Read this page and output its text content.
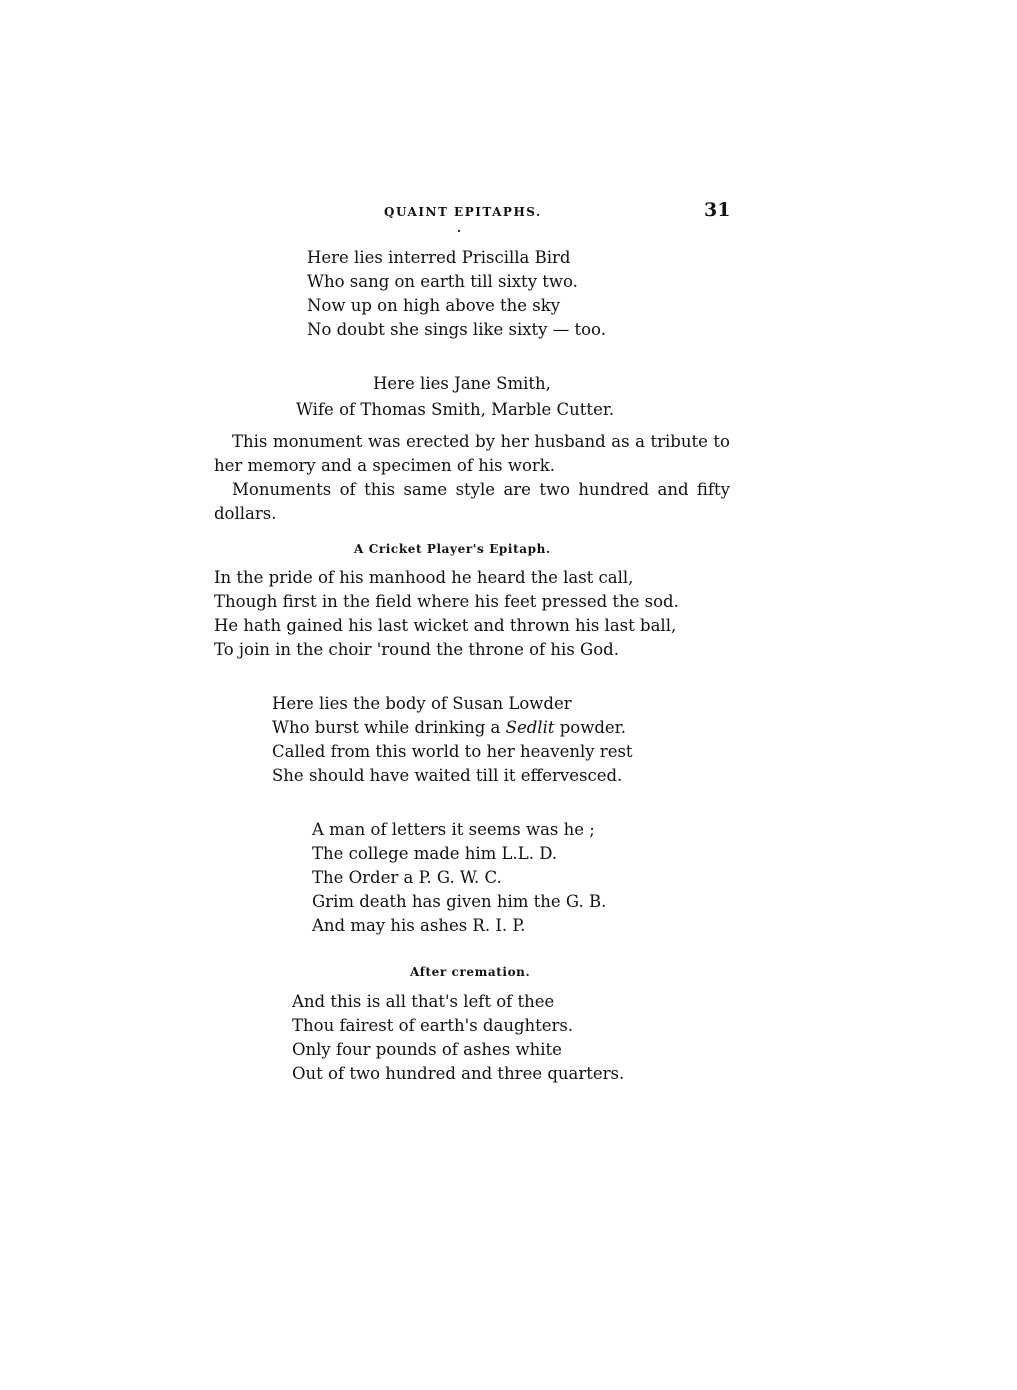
QUAINT EPITAPHS.	31
Here lies interred Priscilla Bird
Who sang on earth till sixty two.
Now up on high above the sky
No doubt she sings like sixty — too.
Here lies Jane Smith,
Wife of Thomas Smith, Marble Cutter.

This monument was erected by her husband as a tribute to her memory and a specimen of his work.

Monuments of this same style are two hundred and fifty dollars.

A Cricket Player's Epitaph.
In the pride of his manhood he heard the last call,
Though first in the field where his feet pressed the sod.
He hath gained his last wicket and thrown his last ball,
To join in the choir 'round the throne of his God.
Here lies the body of Susan Lowder
Who burst while drinking a Sedlit powder.
Called from this world to her heavenly rest
She should have waited till it effervesced.
A man of letters it seems was he ;
The college made him L.L. D.
The Order a P. G. W. C.
Grim death has given him the G. B.
And may his ashes R. I. P.
After cremation.
And this is all that's left of thee
Thou fairest of earth's daughters.
Only four pounds of ashes white
Out of two hundred and three quarters.
